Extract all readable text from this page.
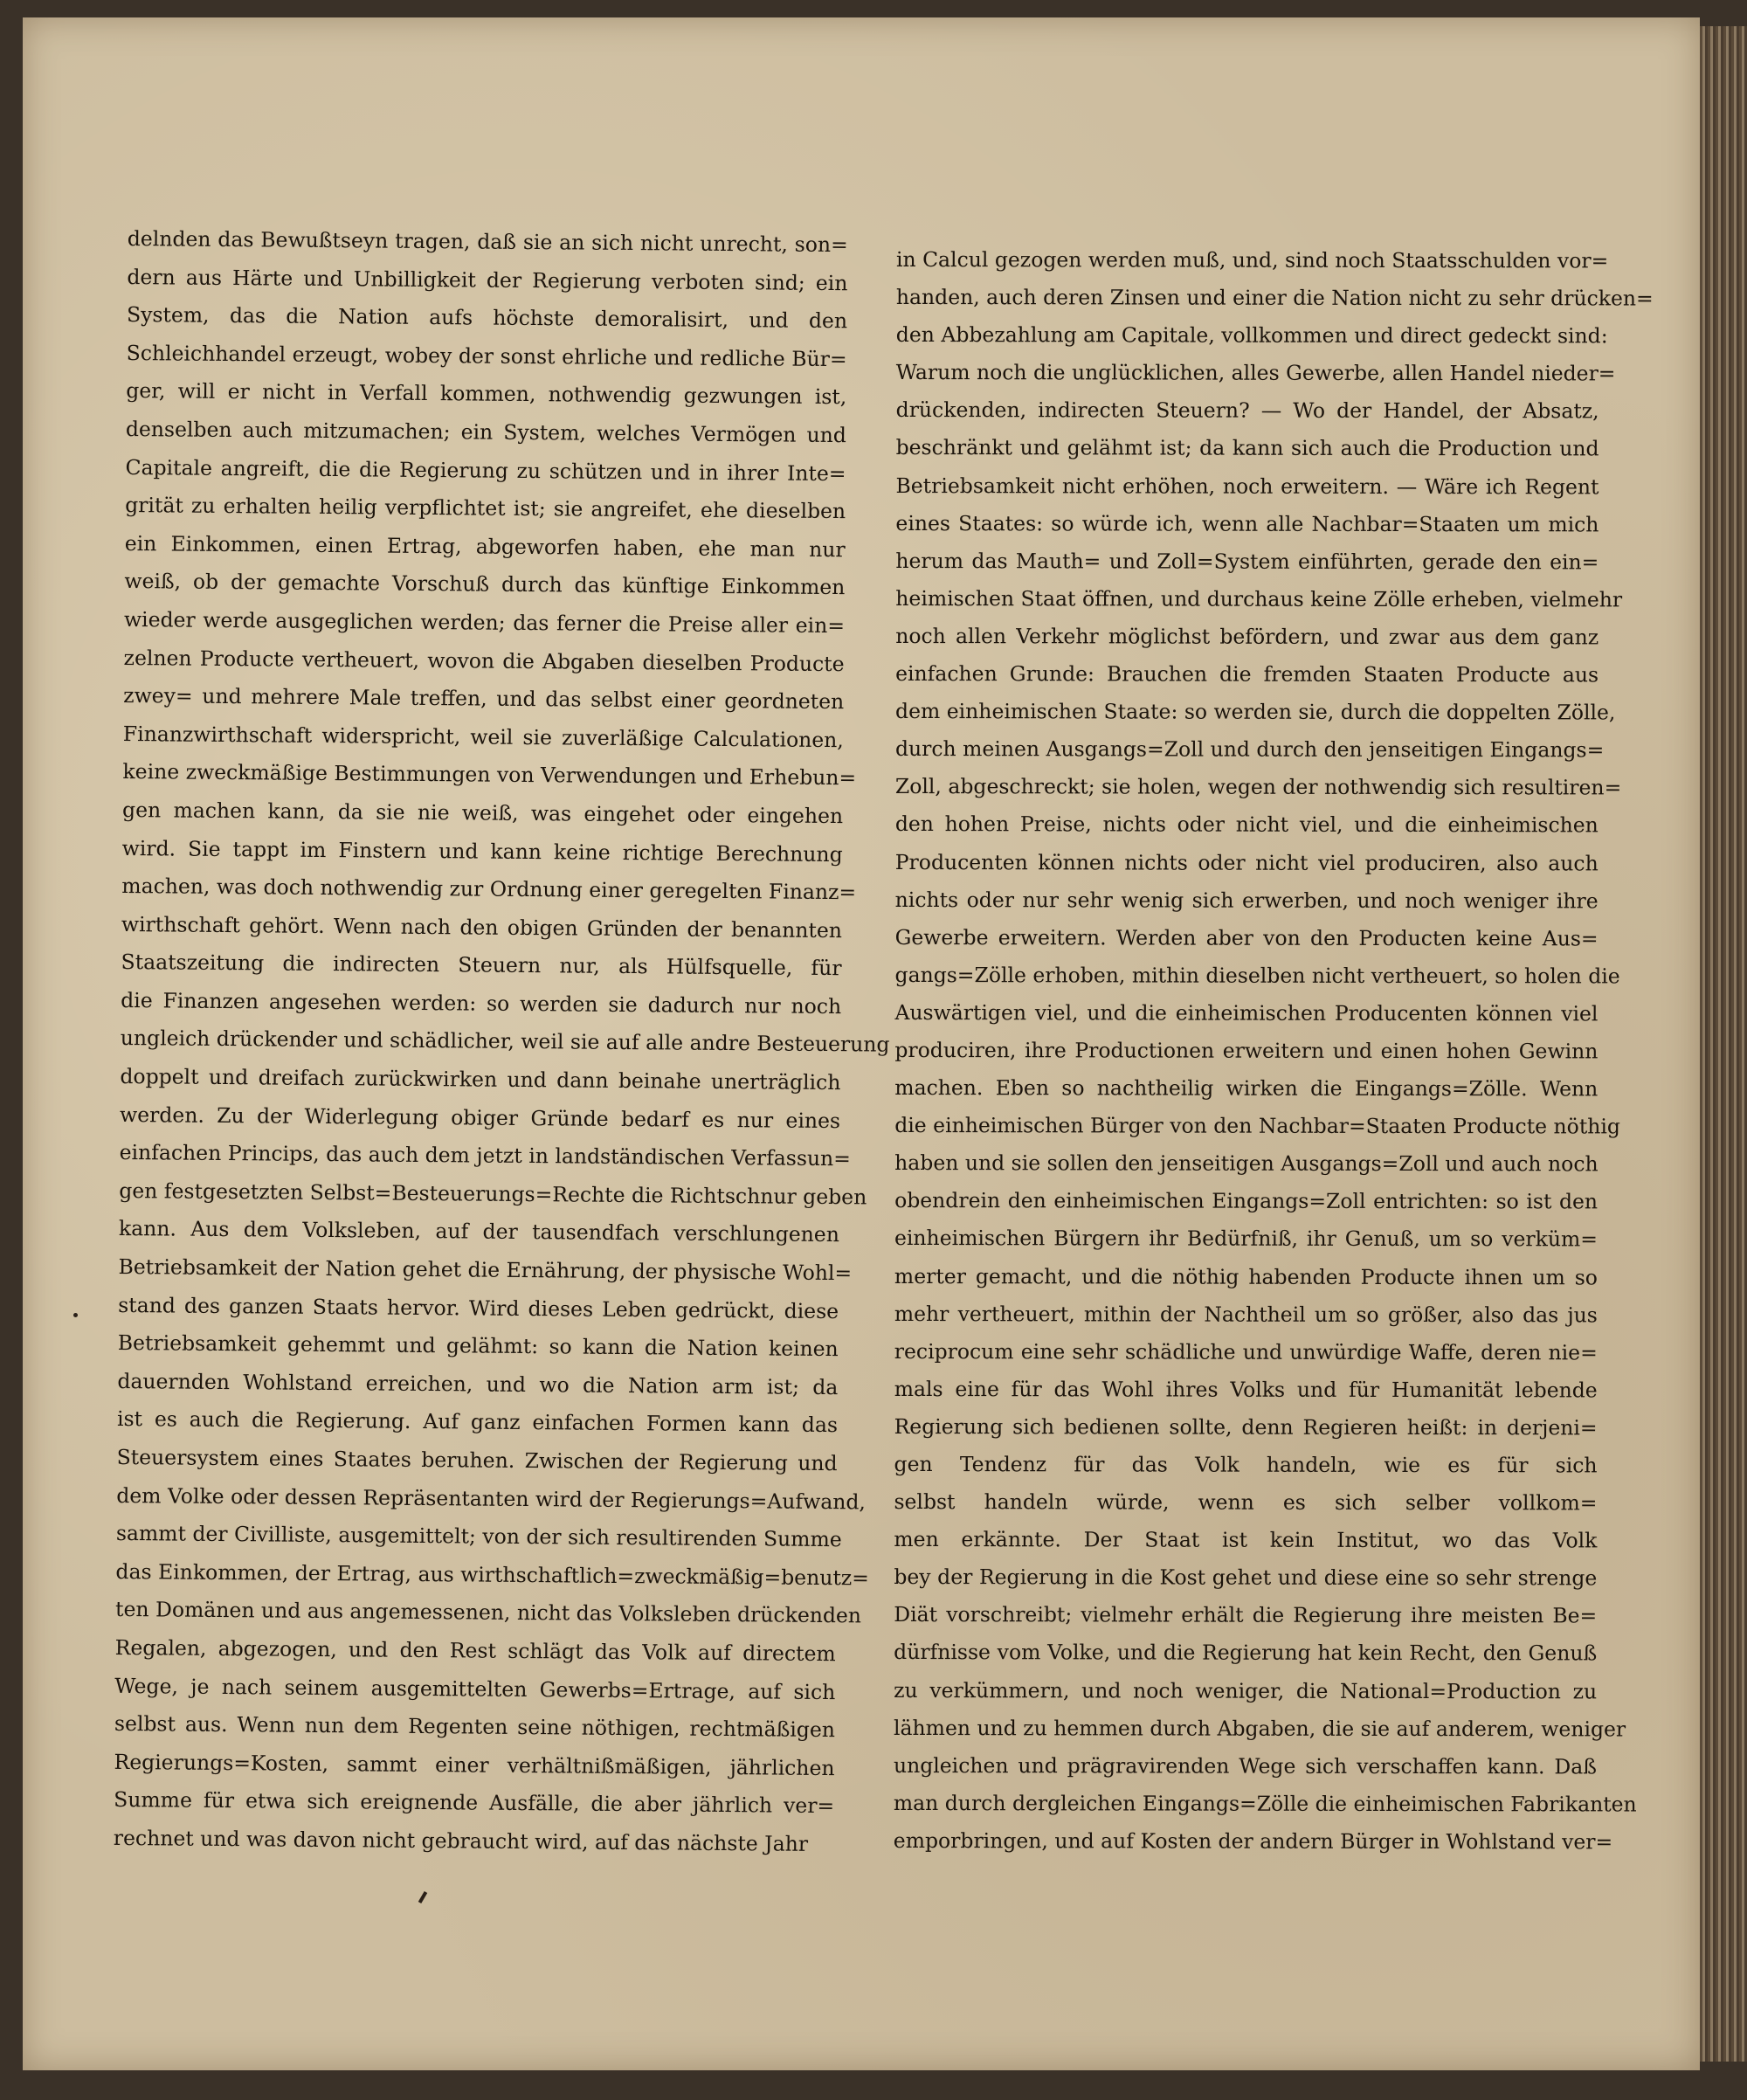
delnden das Bewußtseyn tragen, daß sie an sich nicht unrecht, son=
dern aus Härte und Unbilligkeit der Regierung verboten sind; ein
System, das die Nation aufs höchste demoralisirt, und den
Schleichhandel erzeugt, wobey der sonst ehrliche und redliche Bür=
ger, will er nicht in Verfall kommen, nothwendig gezwungen ist,
denselben auch mitzumachen; ein System, welches Vermögen und
Capitale angreift, die die Regierung zu schützen und in ihrer Inte=
grität zu erhalten heilig verpflichtet ist; sie angreifet, ehe dieselben
ein Einkommen, einen Ertrag, abgeworfen haben, ehe man nur
weiß, ob der gemachte Vorschuß durch das künftige Einkommen
wieder werde ausgeglichen werden; das ferner die Preise aller ein=
zelnen Producte vertheuert, wovon die Abgaben dieselben Producte
zwey= und mehrere Male treffen, und das selbst einer geordneten
Finanzwirthschaft widerspricht, weil sie zuverläßige Calculationen,
keine zweckmäßige Bestimmungen von Verwendungen und Erhebun=
gen machen kann, da sie nie weiß, was eingehet oder eingehen
wird. Sie tappt im Finstern und kann keine richtige Berechnung
machen, was doch nothwendig zur Ordnung einer geregelten Finanz=
wirthschaft gehört. Wenn nach den obigen Gründen der benannten
Staatszeitung die indirecten Steuern nur, als Hülfsquelle, für
die Finanzen angesehen werden: so werden sie dadurch nur noch
ungleich drückender und schädlicher, weil sie auf alle andre Besteuerung
doppelt und dreifach zurückwirken und dann beinahe unerträglich
werden. Zu der Widerlegung obiger Gründe bedarf es nur eines
einfachen Princips, das auch dem jetzt in landständischen Verfassun=
gen festgesetzten Selbst=Besteuerungs=Rechte die Richtschnur geben
kann. Aus dem Volksleben, auf der tausendfach verschlungenen
Betriebsamkeit der Nation gehet die Ernährung, der physische Wohl=
stand des ganzen Staats hervor. Wird dieses Leben gedrückt, diese
Betriebsamkeit gehemmt und gelähmt: so kann die Nation keinen
dauernden Wohlstand erreichen, und wo die Nation arm ist; da
ist es auch die Regierung. Auf ganz einfachen Formen kann das
Steuersystem eines Staates beruhen. Zwischen der Regierung und
dem Volke oder dessen Repräsentanten wird der Regierungs=Aufwand,
sammt der Civilliste, ausgemittelt; von der sich resultirenden Summe
das Einkommen, der Ertrag, aus wirthschaftlich=zweckmäßig=benutz=
ten Domänen und aus angemessenen, nicht das Volksleben drückenden
Regalen, abgezogen, und den Rest schlägt das Volk auf directem
Wege, je nach seinem ausgemittelten Gewerbs=Ertrage, auf sich
selbst aus. Wenn nun dem Regenten seine nöthigen, rechtmäßigen
Regierungs=Kosten, sammt einer verhältnißmäßigen, jährlichen
Summe für etwa sich ereignende Ausfälle, die aber jährlich ver=
rechnet und was davon nicht gebraucht wird, auf das nächste Jahr
in Calcul gezogen werden muß, und, sind noch Staatsschulden vor=
handen, auch deren Zinsen und einer die Nation nicht zu sehr drücken=
den Abbezahlung am Capitale, vollkommen und direct gedeckt sind:
Warum noch die unglücklichen, alles Gewerbe, allen Handel nieder=
drückenden, indirecten Steuern? — Wo der Handel, der Absatz,
beschränkt und gelähmt ist; da kann sich auch die Production und
Betriebsamkeit nicht erhöhen, noch erweitern. — Wäre ich Regent
eines Staates: so würde ich, wenn alle Nachbar=Staaten um mich
herum das Mauth= und Zoll=System einführten, gerade den ein=
heimischen Staat öffnen, und durchaus keine Zölle erheben, vielmehr
noch allen Verkehr möglichst befördern, und zwar aus dem ganz
einfachen Grunde: Brauchen die fremden Staaten Producte aus
dem einheimischen Staate: so werden sie, durch die doppelten Zölle,
durch meinen Ausgangs=Zoll und durch den jenseitigen Eingangs=
Zoll, abgeschreckt; sie holen, wegen der nothwendig sich resultiren=
den hohen Preise, nichts oder nicht viel, und die einheimischen
Producenten können nichts oder nicht viel produciren, also auch
nichts oder nur sehr wenig sich erwerben, und noch weniger ihre
Gewerbe erweitern. Werden aber von den Producten keine Aus=
gangs=Zölle erhoben, mithin dieselben nicht vertheuert, so holen die
Auswärtigen viel, und die einheimischen Producenten können viel
produciren, ihre Productionen erweitern und einen hohen Gewinn
machen. Eben so nachtheilig wirken die Eingangs=Zölle. Wenn
die einheimischen Bürger von den Nachbar=Staaten Producte nöthig
haben und sie sollen den jenseitigen Ausgangs=Zoll und auch noch
obendrein den einheimischen Eingangs=Zoll entrichten: so ist den
einheimischen Bürgern ihr Bedürfniß, ihr Genuß, um so verküm=
merter gemacht, und die nöthig habenden Producte ihnen um so
mehr vertheuert, mithin der Nachtheil um so größer, also das jus
reciprocum eine sehr schädliche und unwürdige Waffe, deren nie=
mals eine für das Wohl ihres Volks und für Humanität lebende
Regierung sich bedienen sollte, denn Regieren heißt: in derjeni=
gen Tendenz für das Volk handeln, wie es für sich
selbst handeln würde, wenn es sich selber vollkom=
men erkännte. Der Staat ist kein Institut, wo das Volk
bey der Regierung in die Kost gehet und diese eine so sehr strenge
Diät vorschreibt; vielmehr erhält die Regierung ihre meisten Be=
dürfnisse vom Volke, und die Regierung hat kein Recht, den Genuß
zu verkümmern, und noch weniger, die National=Production zu
lähmen und zu hemmen durch Abgaben, die sie auf anderem, weniger
ungleichen und prägravirenden Wege sich verschaffen kann. Daß
man durch dergleichen Eingangs=Zölle die einheimischen Fabrikanten
emporbringen, und auf Kosten der andern Bürger in Wohlstand ver=
